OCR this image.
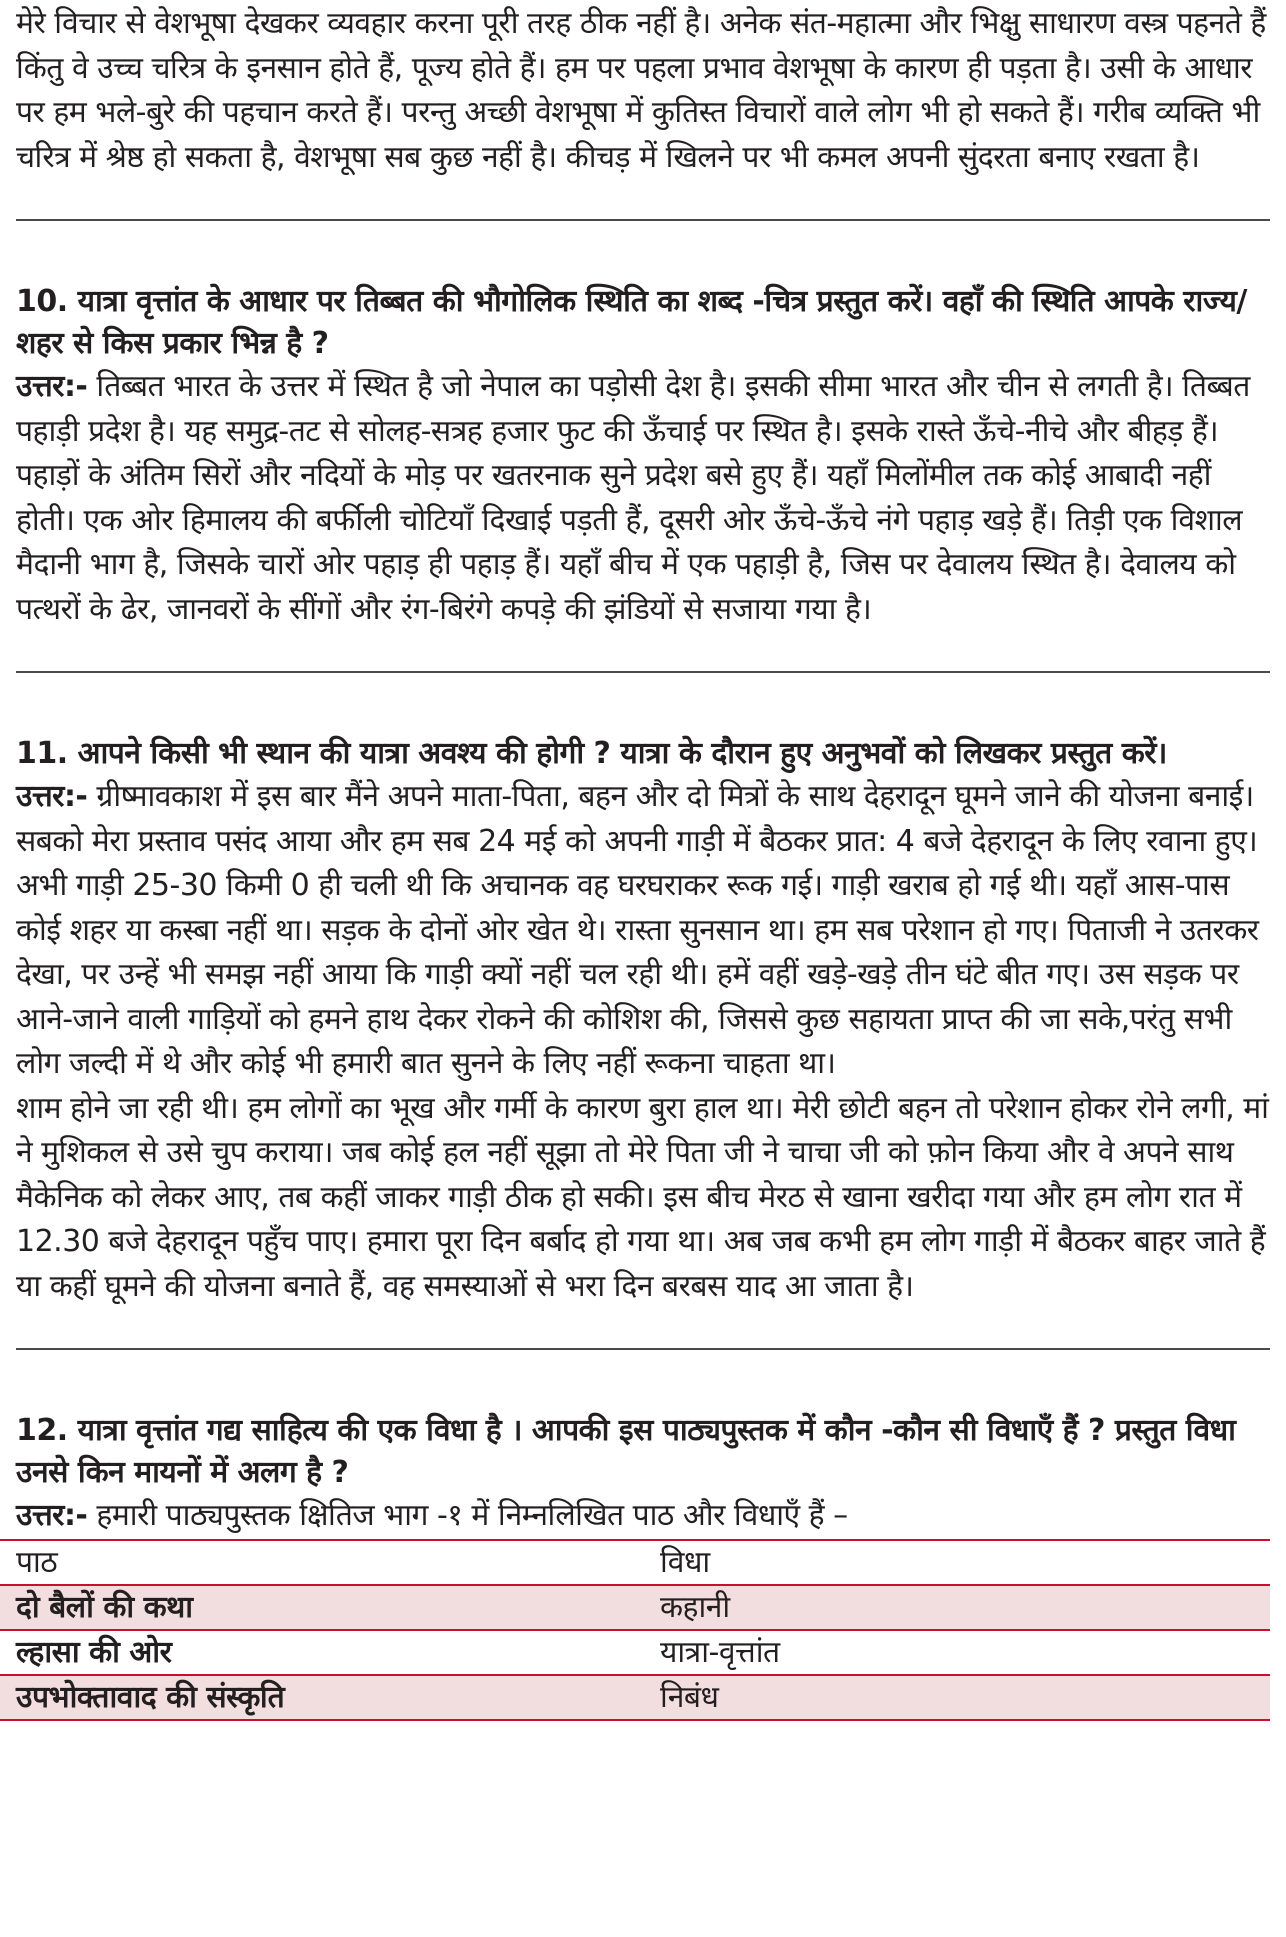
मेरे विचार से वेशभूषा देखकर व्यवहार करना पूरी तरह ठीक नहीं है। अनेक संत-महात्मा और भिक्षु साधारण वस्त्र पहनते हैं किंतु वे उच्च चरित्र के इनसान होते हैं, पूज्य होते हैं। हम पर पहला प्रभाव वेशभूषा के कारण ही पड़ता है। उसी के आधार पर हम भले-बुरे की पहचान करते हैं। परन्तु अच्छी वेशभूषा में कुतिस्त विचारों वाले लोग भी हो सकते हैं। गरीब व्यक्ति भी चरित्र में श्रेष्ठ हो सकता है, वेशभूषा सब कुछ नहीं है। कीचड़ में खिलने पर भी कमल अपनी सुंदरता बनाए रखता है।

10. यात्रा वृत्तांत के आधार पर तिब्बत की भौगोलिक स्थिति का शब्द -चित्र प्रस्तुत करें। वहाँ की स्थिति आपके राज्य/शहर से किस प्रकार भिन्न है ?

उत्तर:- तिब्बत भारत के उत्तर में स्थित है जो नेपाल का पड़ोसी देश है। इसकी सीमा भारत और चीन से लगती है। तिब्बत पहाड़ी प्रदेश है। यह समुद्र-तट से सोलह-सत्रह हजार फुट की ऊँचाई पर स्थित है। इसके रास्ते ऊँचे-नीचे और बीहड़ हैं। पहाड़ों के अंतिम सिरों और नदियों के मोड़ पर खतरनाक सुने प्रदेश बसे हुए हैं। यहाँ मिलोंमील तक कोई आबादी नहीं होती। एक ओर हिमालय की बर्फीली चोटियाँ दिखाई पड़ती हैं, दूसरी ओर ऊँचे-ऊँचे नंगे पहाड़ खड़े हैं। तिड़ी एक विशाल मैदानी भाग है, जिसके चारों ओर पहाड़ ही पहाड़ हैं। यहाँ बीच में एक पहाड़ी है, जिस पर देवालय स्थित है। देवालय को पत्थरों के ढेर, जानवरों के सींगों और रंग-बिरंगे कपड़े की झंडियों से सजाया गया है।

11. आपने किसी भी स्थान की यात्रा अवश्य की होगी ? यात्रा के दौरान हुए अनुभवों को लिखकर प्रस्तुत करें।

उत्तर:- ग्रीष्मावकाश में इस बार मैंने अपने माता-पिता, बहन और दो मित्रों के साथ देहरादून घूमने जाने की योजना बनाई। सबको मेरा प्रस्ताव पसंद आया और हम सब 24 मई को अपनी गाड़ी में बैठकर प्रात: 4 बजे देहरादून के लिए रवाना हुए। अभी गाड़ी 25-30 किमी 0 ही चली थी कि अचानक वह घरघराकर रूक गई। गाड़ी खराब हो गई थी। यहाँ आस-पास कोई शहर या कस्बा नहीं था। सड़क के दोनों ओर खेत थे। रास्ता सुनसान था। हम सब परेशान हो गए। पिताजी ने उतरकर देखा, पर उन्हें भी समझ नहीं आया कि गाड़ी क्यों नहीं चल रही थी। हमें वहीं खड़े-खड़े तीन घंटे बीत गए। उस सड़क पर आने-जाने वाली गाड़ियों को हमने हाथ देकर रोकने की कोशिश की, जिससे कुछ सहायता प्राप्त की जा सके,परंतु सभी लोग जल्दी में थे और कोई भी हमारी बात सुनने के लिए नहीं रूकना चाहता था।

शाम होने जा रही थी। हम लोगों का भूख और गर्मी के कारण बुरा हाल था। मेरी छोटी बहन तो परेशान होकर रोने लगी, मां ने मुशिकल से उसे चुप कराया। जब कोई हल नहीं सूझा तो मेरे पिता जी ने चाचा जी को फ़ोन किया और वे अपने साथ मैकेनिक को लेकर आए, तब कहीं जाकर गाड़ी ठीक हो सकी। इस बीच मेरठ से खाना खरीदा गया और हम लोग रात में 12.30 बजे देहरादून पहुँच पाए। हमारा पूरा दिन बर्बाद हो गया था। अब जब कभी हम लोग गाड़ी में बैठकर बाहर जाते हैं या कहीं घूमने की योजना बनाते हैं, वह समस्याओं से भरा दिन बरबस याद आ जाता है।

12. यात्रा वृत्तांत गद्य साहित्य की एक विधा है । आपकी इस पाठ्यपुस्तक में कौन -कौन सी विधाएँ हैं ? प्रस्तुत विधा उनसे किन मायनों में अलग है ?

उत्तर:- हमारी पाठ्यपुस्तक क्षितिज भाग -१ में निम्नलिखित पाठ और विधाएँ हैं –

पाठ	विधा
दो बैलों की कथा	कहानी
ल्हासा की ओर	यात्रा-वृत्तांत
उपभोक्तावाद की संस्कृति	निबंध
